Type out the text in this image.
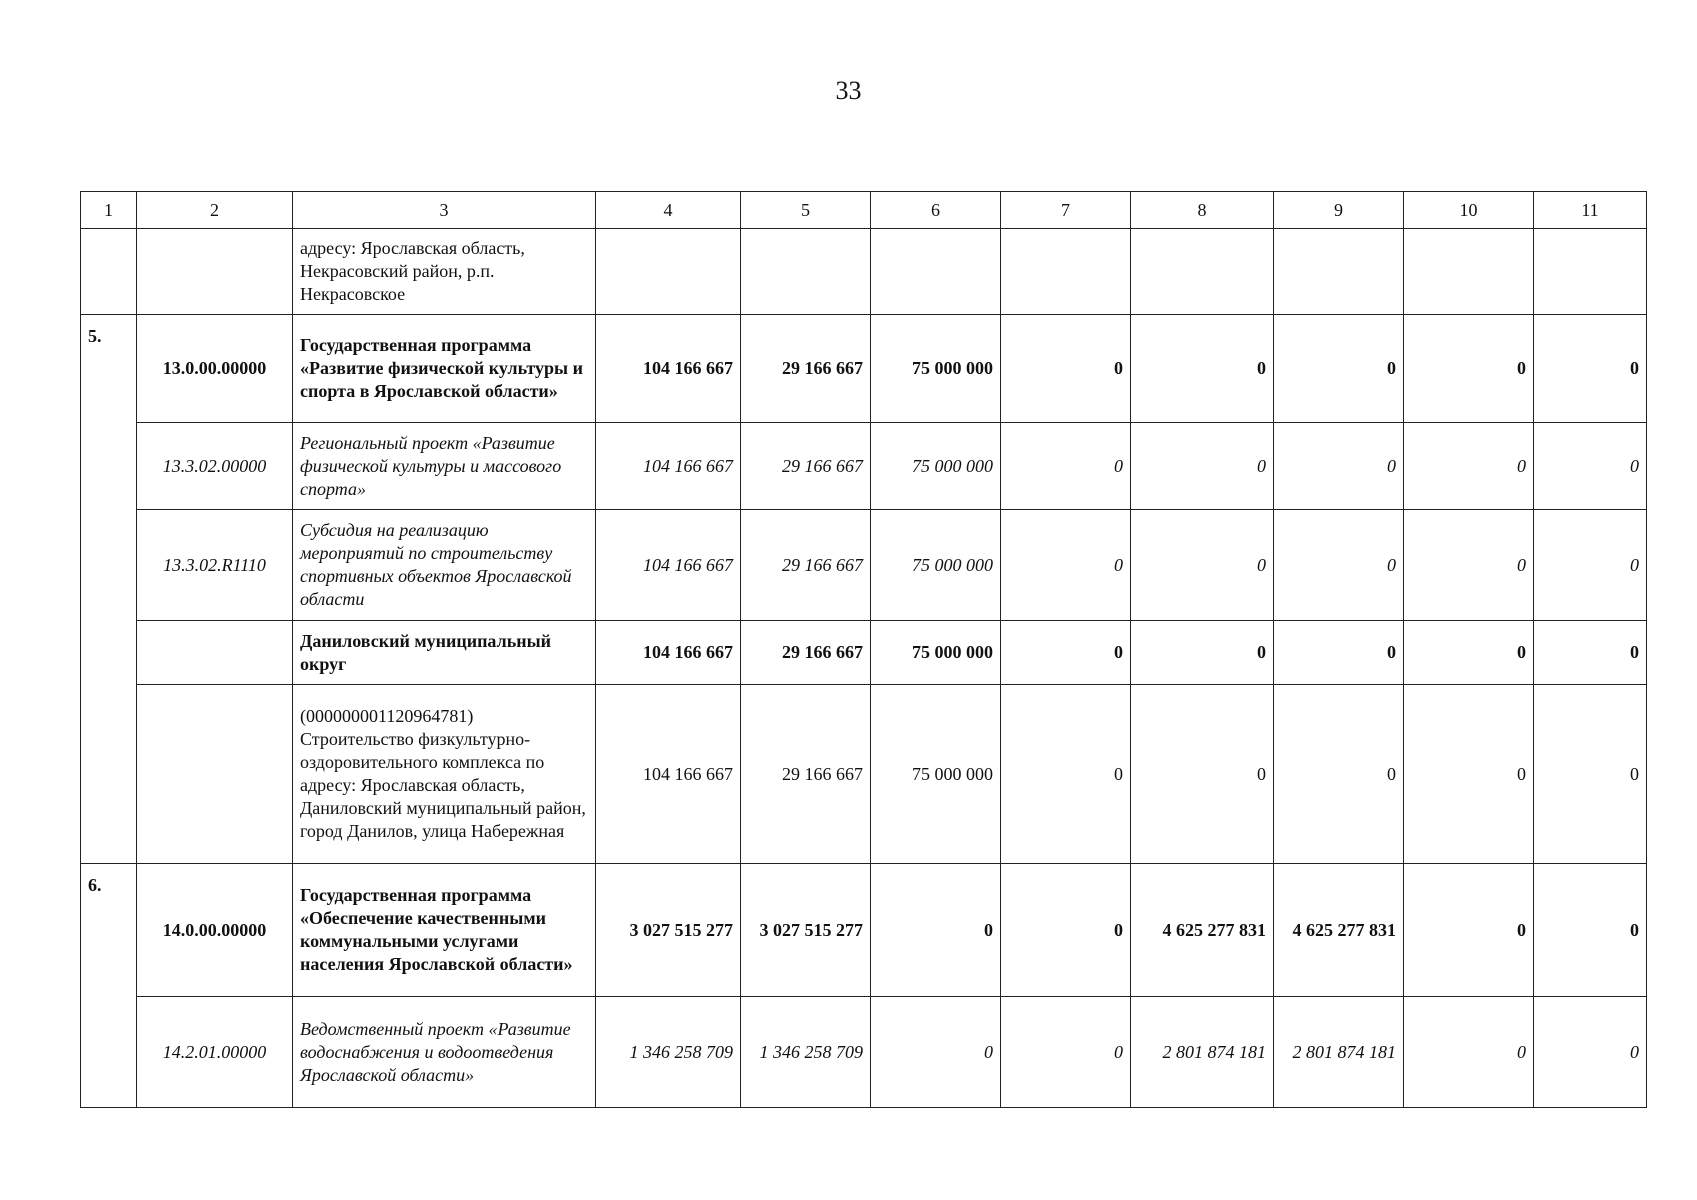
33
1	2	3	4	5	6	7	8	9	10	11
		адресу: Ярославская область, Некрасовский район, р.п. Некрасовское								
5.	13.0.00.00000	Государственная программа «Развитие физической культуры и спорта в Ярославской области»	104 166 667	29 166 667	75 000 000	0	0	0	0	0
	13.3.02.00000	Региональный проект «Развитие физической культуры и массового спорта»	104 166 667	29 166 667	75 000 000	0	0	0	0	0
	13.3.02.R1110	Субсидия на реализацию мероприятий по строительству спортивных объектов Ярославской области	104 166 667	29 166 667	75 000 000	0	0	0	0	0
		Даниловский муниципальный округ	104 166 667	29 166 667	75 000 000	0	0	0	0	0
		(000000001120964781) Строительство физкультурно-оздоровительного комплекса по адресу: Ярославская область, Даниловский муниципальный район, город Данилов, улица Набережная	104 166 667	29 166 667	75 000 000	0	0	0	0	0
6.	14.0.00.00000	Государственная программа «Обеспечение качественными коммунальными услугами населения Ярославской области»	3 027 515 277	3 027 515 277	0	0	4 625 277 831	4 625 277 831	0	0
	14.2.01.00000	Ведомственный проект «Развитие водоснабжения и водоотведения Ярославской области»	1 346 258 709	1 346 258 709	0	0	2 801 874 181	2 801 874 181	0	0
